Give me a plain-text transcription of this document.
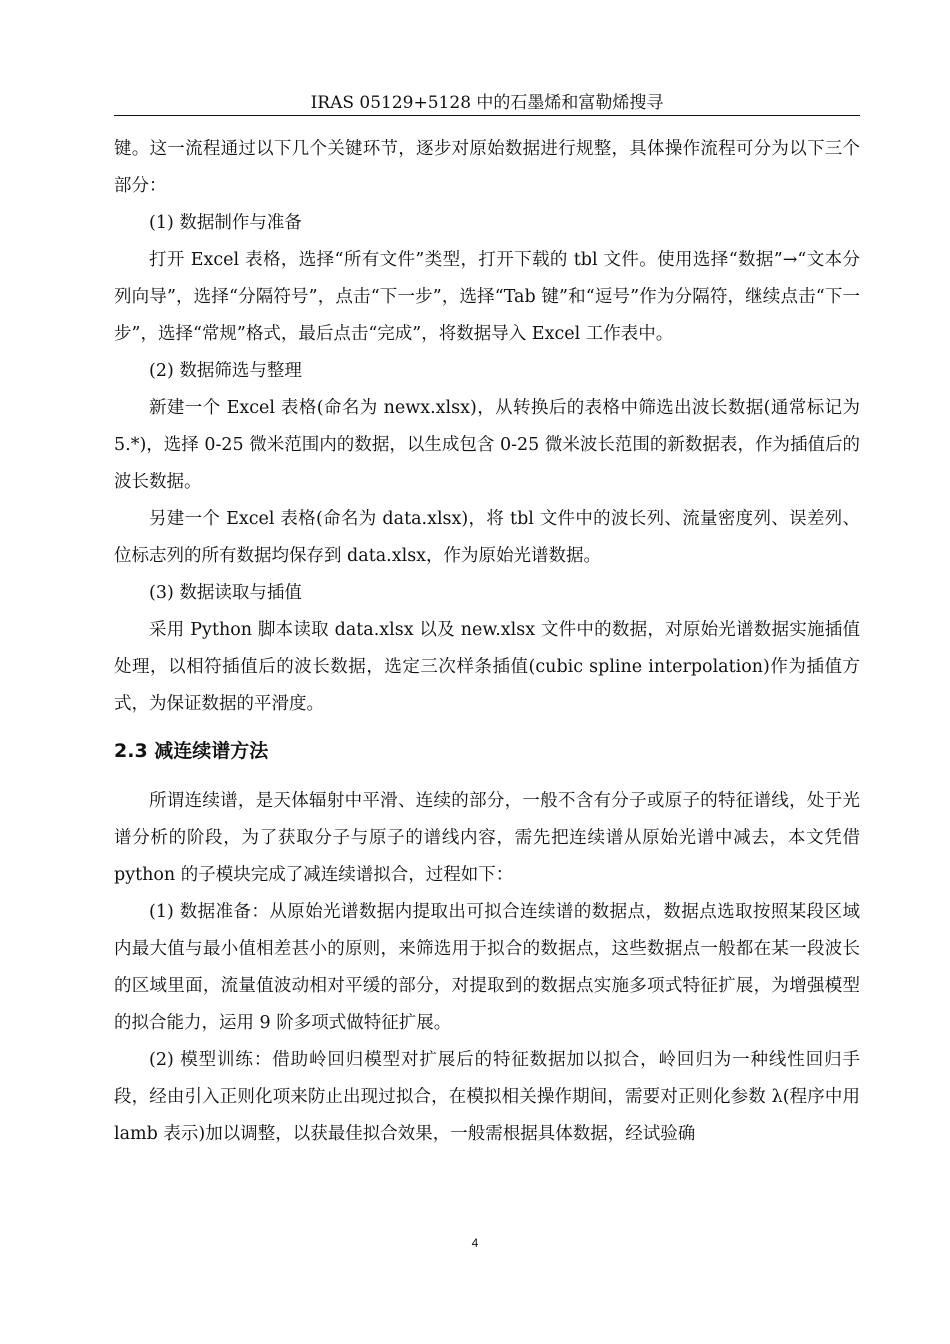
IRAS 05129+5128 中的石墨烯和富勒烯搜寻

键。这一流程通过以下几个关键环节，逐步对原始数据进行规整，具体操作流程可分为以下三个部分：

(1) 数据制作与准备

打开 Excel 表格，选择“所有文件”类型，打开下载的 tbl 文件。使用选择“数据”→“文本分列向导”，选择“分隔符号”，点击“下一步”，选择“Tab 键”和“逗号”作为分隔符，继续点击“下一步”，选择“常规”格式，最后点击“完成”，将数据导入 Excel 工作表中。

(2) 数据筛选与整理

新建一个 Excel 表格(命名为 newx.xlsx)，从转换后的表格中筛选出波长数据(通常标记为 5.*)，选择 0-25 微米范围内的数据，以生成包含 0-25 微米波长范围的新数据表，作为插值后的波长数据。

另建一个 Excel 表格(命名为 data.xlsx)，将 tbl 文件中的波长列、流量密度列、误差列、位标志列的所有数据均保存到 data.xlsx，作为原始光谱数据。

(3) 数据读取与插值

采用 Python 脚本读取 data.xlsx 以及 new.xlsx 文件中的数据，对原始光谱数据实施插值处理，以相符插值后的波长数据，选定三次样条插值(cubic spline interpolation)作为插值方式，为保证数据的平滑度。

2.3 减连续谱方法

所谓连续谱，是天体辐射中平滑、连续的部分，一般不含有分子或原子的特征谱线，处于光谱分析的阶段，为了获取分子与原子的谱线内容，需先把连续谱从原始光谱中减去，本文凭借 python 的子模块完成了减连续谱拟合，过程如下：

(1) 数据准备：从原始光谱数据内提取出可拟合连续谱的数据点，数据点选取按照某段区域内最大值与最小值相差甚小的原则，来筛选用于拟合的数据点，这些数据点一般都在某一段波长的区域里面，流量值波动相对平缓的部分，对提取到的数据点实施多项式特征扩展，为增强模型的拟合能力，运用 9 阶多项式做特征扩展。

(2) 模型训练：借助岭回归模型对扩展后的特征数据加以拟合，岭回归为一种线性回归手段，经由引入正则化项来防止出现过拟合，在模拟相关操作期间，需要对正则化参数 λ(程序中用 lamb 表示)加以调整，以获最佳拟合效果，一般需根据具体数据，经试验确

4
